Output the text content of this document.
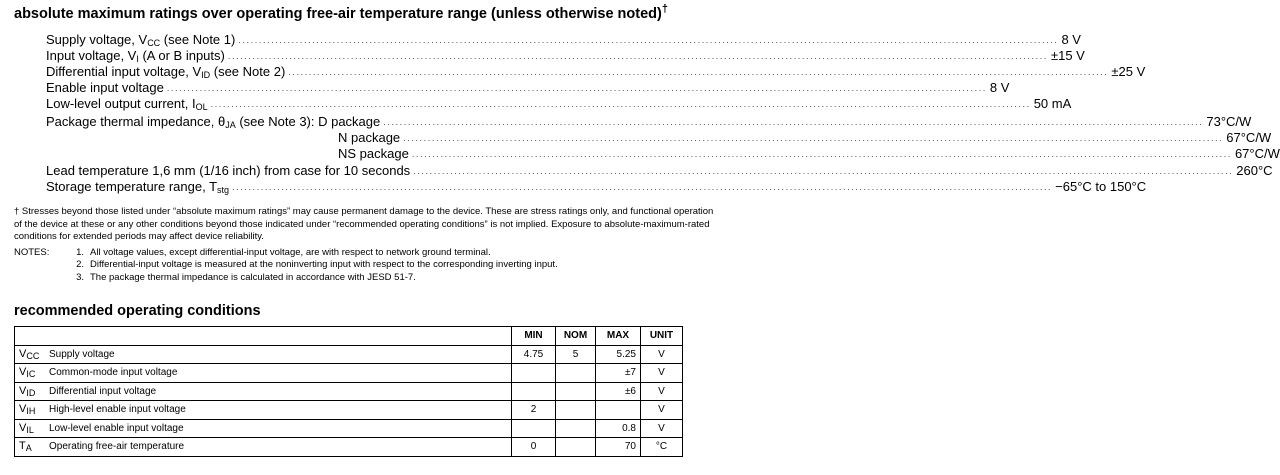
absolute maximum ratings over operating free-air temperature range (unless otherwise noted)†
Supply voltage, $V_{CC}$ (see Note 1) ........................................................................................................................................................................................................ 8 V
Input voltage, $V_I$ (A or B inputs) ........................................................................................................................................................................................................ ±15 V
Differential input voltage, $V_{ID}$ (see Note 2) ........................................................................................................................................................................................................ ±25 V
Enable input voltage ........................................................................................................................................................................................................ 8 V
Low-level output current, $I_{OL}$ ........................................................................................................................................................................................................ 50 mA
Package thermal impedance, $\theta_{JA}$ (see Note 3): D package ........................................................................................................................................................................................................ 73°C/W
N package ........................................................................................................................................................................................................ 67°C/W
NS package ........................................................................................................................................................................................................ 67°C/W
Lead temperature 1,6 mm (1/16 inch) from case for 10 seconds ........................................................................................................................................................................................................ 260°C
Storage temperature range, $T_{stg}$ ........................................................................................................................................................................................................ −65°C to 150°C
† Stresses beyond those listed under “absolute maximum ratings” may cause permanent damage to the device. These are stress ratings only, and functional operation of the device at these or any other conditions beyond those indicated under “recommended operating conditions” is not implied. Exposure to absolute-maximum-rated conditions for extended periods may affect device reliability.
NOTES:	1. All voltage values, except differential-input voltage, are with respect to network ground terminal.
2. Differential-input voltage is measured at the noninverting input with respect to the corresponding inverting input.
3. The package thermal impedance is calculated in accordance with JESD 51-7.
recommended operating conditions
		MIN	NOM	MAX	UNIT
$V_{CC}$	Supply voltage	4.75	5	5.25	V
$V_{IC}$	Common-mode input voltage			±7	V
$V_{ID}$	Differential input voltage			±6	V
$V_{IH}$	High-level enable input voltage	2			V
$V_{IL}$	Low-level enable input voltage			0.8	V
$T_A$	Operating free-air temperature	0		70	°C
